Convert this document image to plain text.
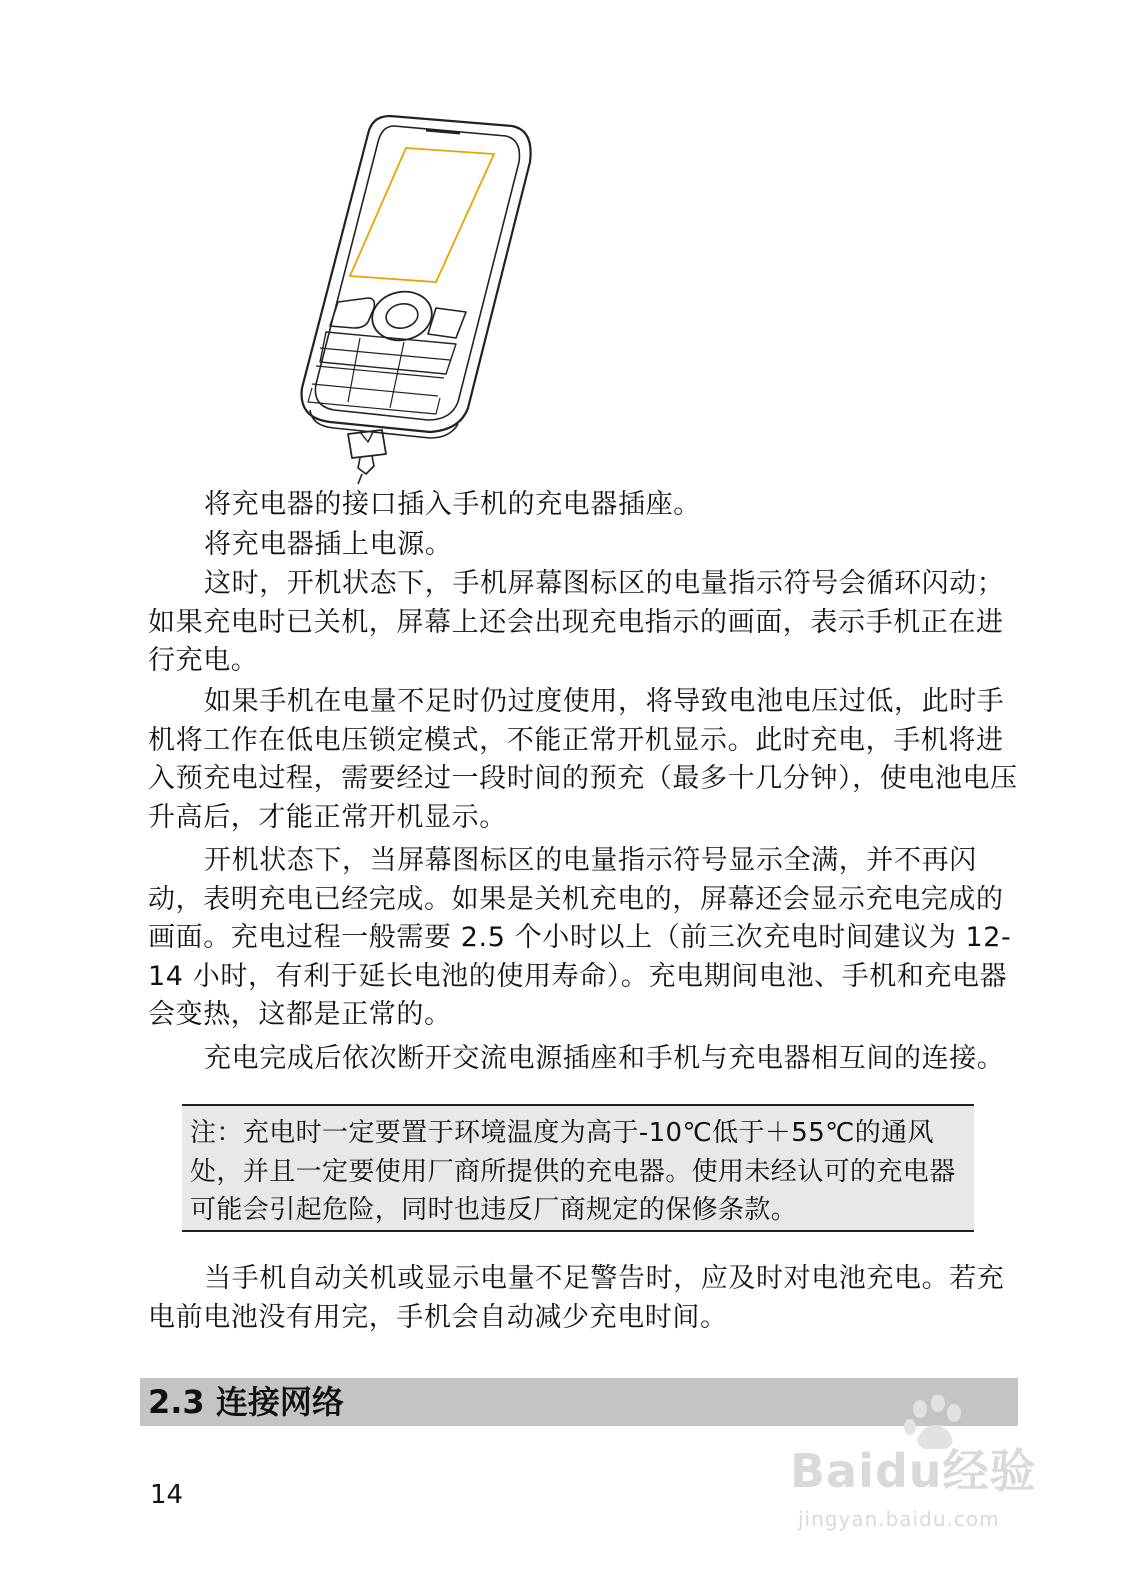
将充电器的接口插入手机的充电器插座。

将充电器插上电源。

这时，开机状态下，手机屏幕图标区的电量指示符号会循环闪动；如果充电时已关机，屏幕上还会出现充电指示的画面，表示手机正在进行充电。

如果手机在电量不足时仍过度使用，将导致电池电压过低，此时手机将工作在低电压锁定模式，不能正常开机显示。此时充电，手机将进入预充电过程，需要经过一段时间的预充（最多十几分钟），使电池电压升高后，才能正常开机显示。

开机状态下，当屏幕图标区的电量指示符号显示全满，并不再闪动，表明充电已经完成。如果是关机充电的，屏幕还会显示充电完成的画面。充电过程一般需要 2.5 个小时以上（前三次充电时间建议为 12-14 小时，有利于延长电池的使用寿命）。充电期间电池、手机和充电器会变热，这都是正常的。

充电完成后依次断开交流电源插座和手机与充电器相互间的连接。

注：充电时一定要置于环境温度为高于-10℃低于＋55℃的通风处，并且一定要使用厂商所提供的充电器。使用未经认可的充电器可能会引起危险，同时也违反厂商规定的保修条款。

当手机自动关机或显示电量不足警告时，应及时对电池充电。若充电前电池没有用完，手机会自动减少充电时间。

2.3 连接网络
14	Baidu经验
jingyan.baidu.com
